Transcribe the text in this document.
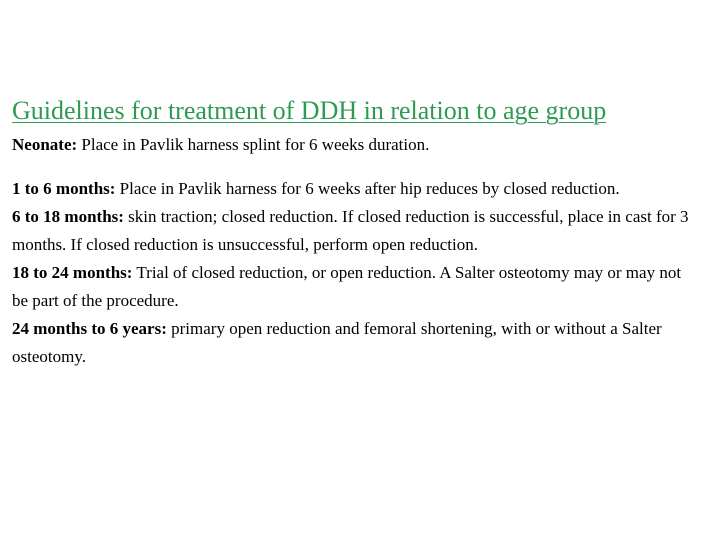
Guidelines for treatment of DDH in relation to age group

Neonate: Place in Pavlik harness splint for 6 weeks duration.

1 to 6 months: Place in Pavlik harness for 6 weeks after hip reduces by closed reduction.

6 to 18 months: skin traction; closed reduction. If closed reduction is successful, place in cast for 3 months. If closed reduction is unsuccessful, perform open reduction.

18 to 24 months: Trial of closed reduction, or open reduction. A Salter osteotomy may or may not be part of the procedure.

24 months to 6 years: primary open reduction and femoral shortening, with or without a Salter osteotomy.
